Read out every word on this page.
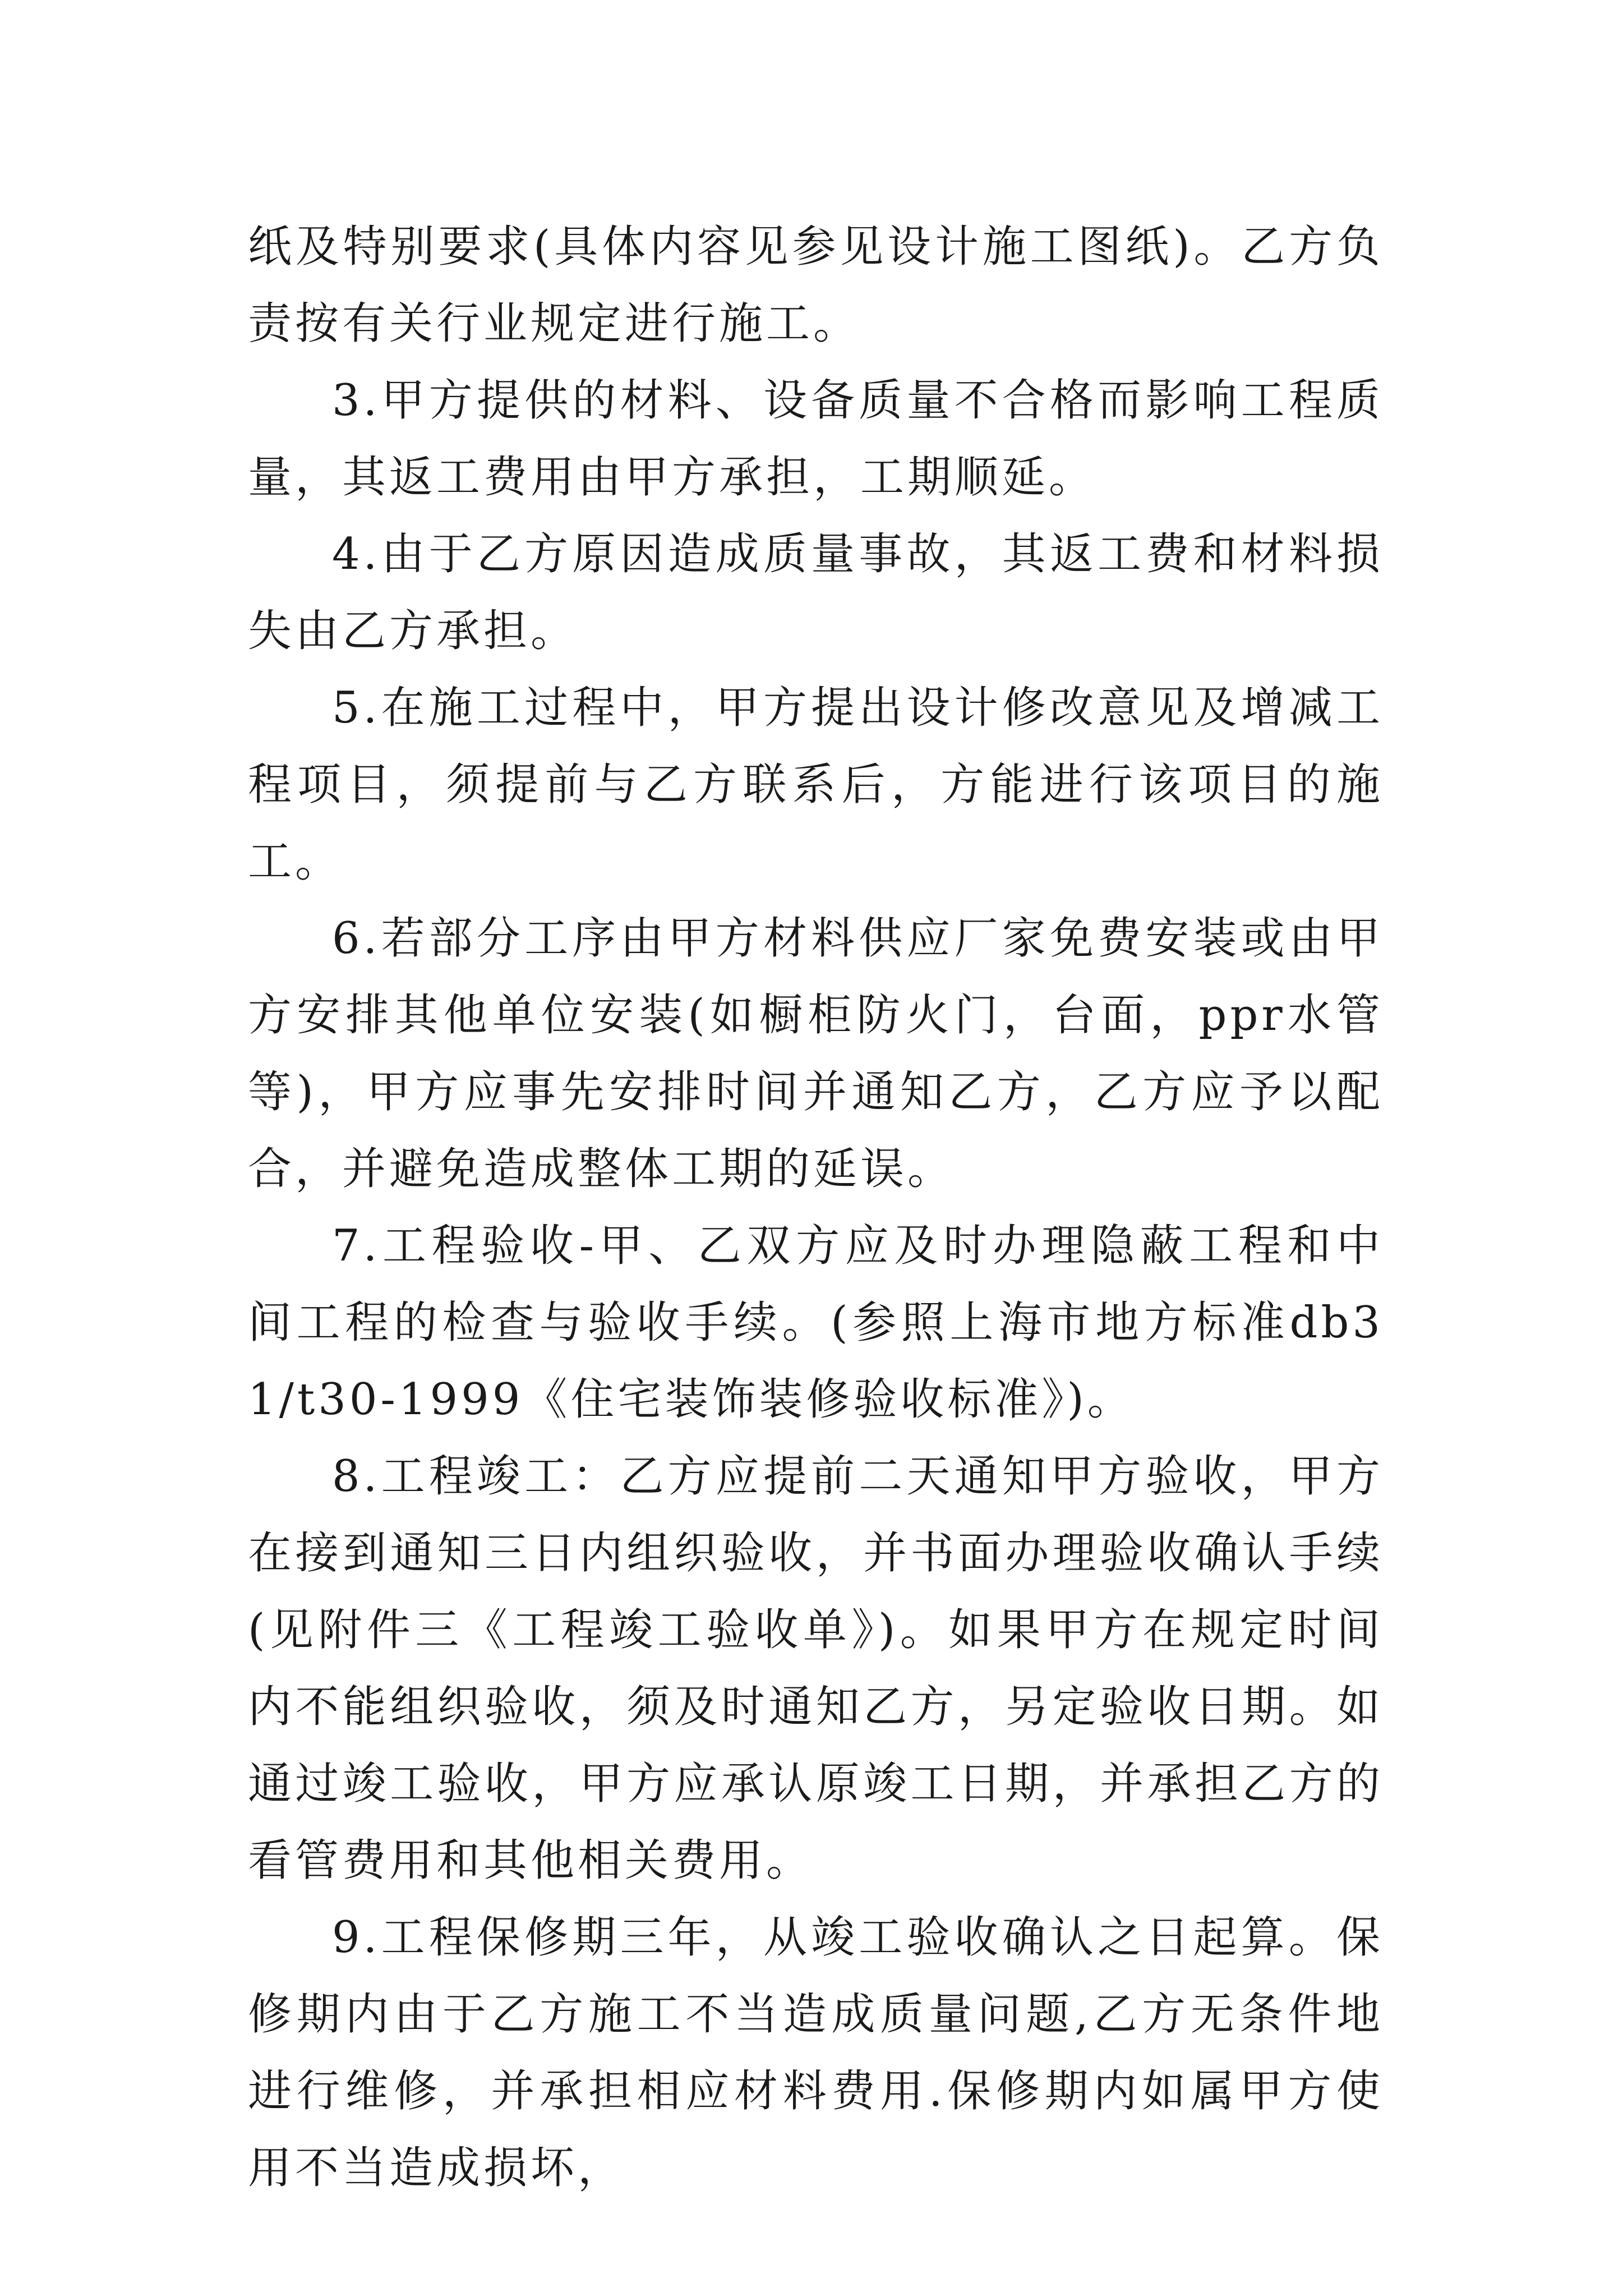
纸及特别要求(具体内容见参见设计施工图纸)。乙方负责按有关行业规定进行施工。

3.甲方提供的材料、设备质量不合格而影响工程质量，其返工费用由甲方承担，工期顺延。

4.由于乙方原因造成质量事故，其返工费和材料损失由乙方承担。

5.在施工过程中，甲方提出设计修改意见及增减工程项目，须提前与乙方联系后，方能进行该项目的施工。

6.若部分工序由甲方材料供应厂家免费安装或由甲方安排其他单位安装(如橱柜防火门，台面，ppr水管等)，甲方应事先安排时间并通知乙方，乙方应予以配合，并避免造成整体工期的延误。

7.工程验收-甲、乙双方应及时办理隐蔽工程和中间工程的检查与验收手续。(参照上海市地方标准db31/t30-1999《住宅装饰装修验收标准》)。

8.工程竣工：乙方应提前二天通知甲方验收，甲方在接到通知三日内组织验收，并书面办理验收确认手续(见附件三《工程竣工验收单》)。如果甲方在规定时间内不能组织验收，须及时通知乙方，另定验收日期。如通过竣工验收，甲方应承认原竣工日期，并承担乙方的看管费用和其他相关费用。

9.工程保修期三年，从竣工验收确认之日起算。保修期内由于乙方施工不当造成质量问题,乙方无条件地进行维修，并承担相应材料费用.保修期内如属甲方使用不当造成损坏，
